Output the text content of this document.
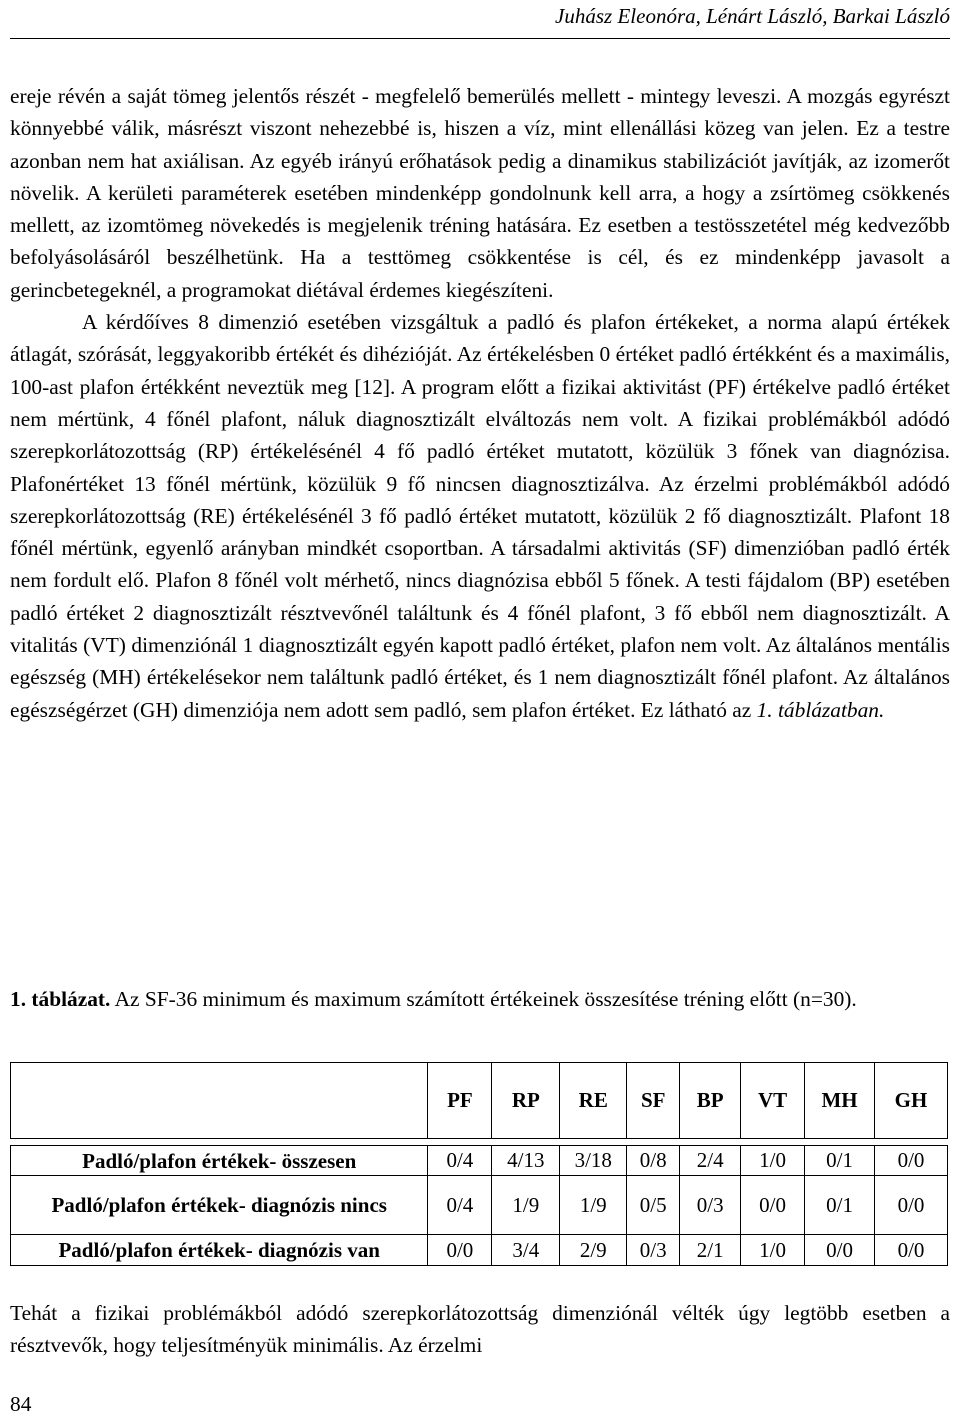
Juhász Eleonóra, Lénárt László, Barkai László

ereje révén a saját tömeg jelentős részét - megfelelő bemerülés mellett - mintegy leveszi. A mozgás egyrészt könnyebbé válik, másrészt viszont nehezebbé is, hiszen a víz, mint ellenállási közeg van jelen. Ez a testre azonban nem hat axiálisan. Az egyéb irányú erőhatások pedig a dinamikus stabilizációt javítják, az izomerőt növelik. A kerületi paraméterek esetében mindenképp gondolnunk kell arra, a hogy a zsírtömeg csökkenés mellett, az izomtömeg növekedés is megjelenik tréning hatására. Ez esetben a testösszetétel még kedvezőbb befolyásolásáról beszélhetünk. Ha a testtömeg csökkentése is cél, és ez mindenképp javasolt a gerincbetegeknél, a programokat diétával érdemes kiegészíteni.

A kérdőíves 8 dimenzió esetében vizsgáltuk a padló és plafon értékeket, a norma alapú értékek átlagát, szórását, leggyakoribb értékét és dihézióját. Az értékelésben 0 értéket padló értékként és a maximális, 100-ast plafon értékként neveztük meg [12]. A program előtt a fizikai aktivitást (PF) értékelve padló értéket nem mértünk, 4 főnél plafont, náluk diagnosztizált elváltozás nem volt. A fizikai problémákból adódó szerepkorlátozottság (RP) értékelésénél 4 fő padló értéket mutatott, közülük 3 főnek van diagnózisa. Plafonértéket 13 főnél mértünk, közülük 9 fő nincsen diagnosztizálva. Az érzelmi problémákból adódó szerepkorlátozottság (RE) értékelésénél 3 fő padló értéket mutatott, közülük 2 fő diagnosztizált. Plafont 18 főnél mértünk, egyenlő arányban mindkét csoportban. A társadalmi aktivitás (SF) dimenzióban padló érték nem fordult elő. Plafon 8 főnél volt mérhető, nincs diagnózisa ebből 5 főnek. A testi fájdalom (BP) esetében padló értéket 2 diagnosztizált résztvevőnél találtunk és 4 főnél plafont, 3 fő ebből nem diagnosztizált. A vitalitás (VT) dimenziónál 1 diagnosztizált egyén kapott padló értéket, plafon nem volt. Az általános mentális egészség (MH) értékelésekor nem találtunk padló értéket, és 1 nem diagnosztizált főnél plafont. Az általános egészségérzet (GH) dimenziója nem adott sem padló, sem plafon értéket. Ez látható az 1. táblázatban.

1. táblázat. Az SF-36 minimum és maximum számított értékeinek összesítése tréning előtt (n=30).
	PF	RP	RE	SF	BP	VT	MH	GH

Padló/plafon értékek- összesen	0/4	4/13	3/18	0/8	2/4	1/0	0/1	0/0
Padló/plafon értékek- diagnózis nincs	0/4	1/9	1/9	0/5	0/3	0/0	0/1	0/0
Padló/plafon értékek- diagnózis van	0/0	3/4	2/9	0/3	2/1	1/0	0/0	0/0
Tehát a fizikai problémákból adódó szerepkorlátozottság dimenziónál vélték úgy legtöbb esetben a résztvevők, hogy teljesítményük minimális. Az érzelmi
84
